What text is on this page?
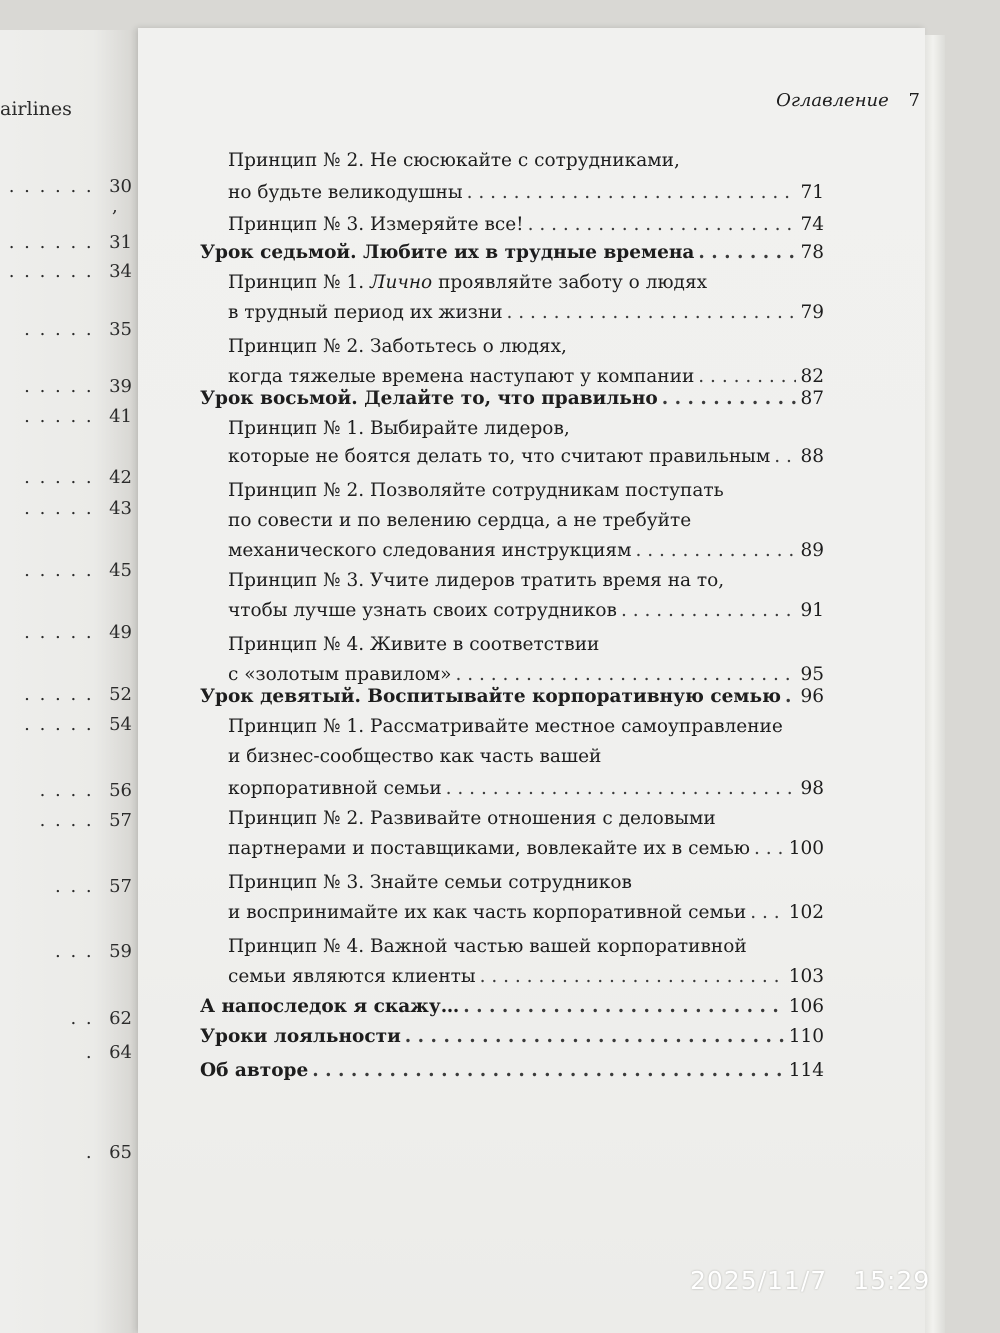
airlines
,
. . . . . .  30
. . . . . .  31
. . . . . .  34
. . . . .  35
. . . . .  39
. . . . .  41
. . . . .  42
. . . . .  43
. . . . .  45
. . . . .  49
. . . . .  52
. . . . .  54
. . . .  56
. . . .  57
. . .  57
. . .  59
. .  62
.  64
.  65
Оглавление 7
Принцип № 2. Не сюсюкайте с сотрудниками,
но будьте великодушны . . .	71
Принцип № 3. Измеряйте все! . . .	74
Урок седьмой. Любите их в трудные времена . . .	78
Принцип № 1. Лично проявляйте заботу о людях
в трудный период их жизни . . .	79
Принцип № 2. Заботьтесь о людях,
когда тяжелые времена наступают у компании . . .	82
Урок восьмой. Делайте то, что правильно . . .	87
Принцип № 1. Выбирайте лидеров,
которые не боятся делать то, что считают правильным . . . 88
Принцип № 2. Позволяйте сотрудникам поступать
по совести и по велению сердца, а не требуйте
механического следования инструкциям . . .	89
Принцип № 3. Учите лидеров тратить время на то,
чтобы лучше узнать своих сотрудников . . .	91
Принцип № 4. Живите в соответствии
с «золотым правилом» . . .	95
Урок девятый. Воспитывайте корпоративную семью . . . 96
Принцип № 1. Рассматривайте местное самоуправление
и бизнес-сообщество как часть вашей
корпоративной семьи . . .	98
Принцип № 2. Развивайте отношения с деловыми
партнерами и поставщиками, вовлекайте их в семью . . . 100
Принцип № 3. Знайте семьи сотрудников
и воспринимайте их как часть корпоративной семьи . . . 102
Принцип № 4. Важной частью вашей корпоративной
семьи являются клиенты . . .	103
А напоследок я скажу… . . .	106
Уроки лояльности . . .	110
Об авторе . . .	114
2025/11/7 15:29
